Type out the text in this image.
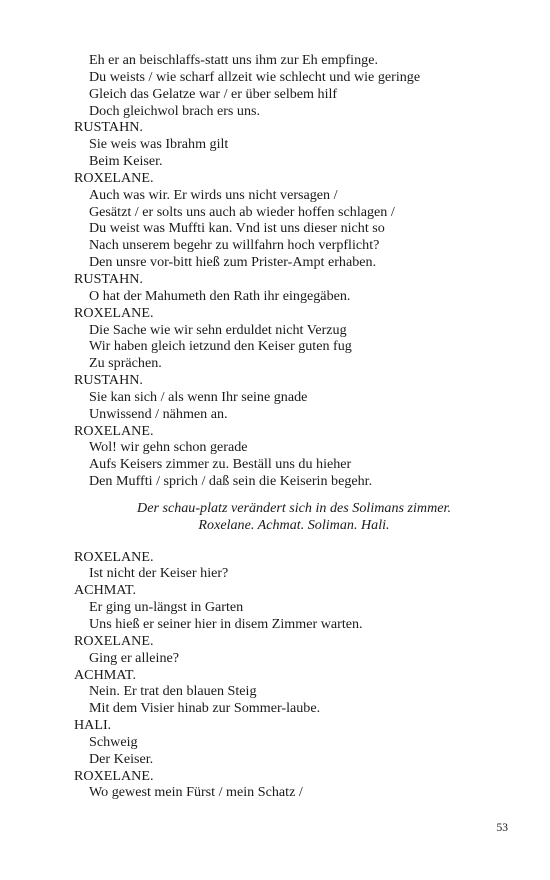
Eh er an beischlaffs-statt uns ihm zur Eh empfinge.
Du weists / wie scharf allzeit wie schlecht und wie geringe
Gleich das Gelatze war / er über selbem hilf
Doch gleichwol brach ers uns.
RUSTAHN.
Sie weis was Ibrahm gilt
Beim Keiser.
ROXELANE.
Auch was wir. Er wirds uns nicht versagen /
Gesätzt / er solts uns auch ab wieder hoffen schlagen /
Du weist was Muffti kan. Vnd ist uns dieser nicht so
Nach unserem begehr zu willfahrn hoch verpflicht?
Den unsre vor-bitt hieß zum Prister-Ampt erhaben.
RUSTAHN.
O hat der Mahumeth den Rath ihr eingegäben.
ROXELANE.
Die Sache wie wir sehn erduldet nicht Verzug
Wir haben gleich ietzund den Keiser guten fug
Zu sprächen.
RUSTAHN.
Sie kan sich / als wenn Ihr seine gnade
Unwissend / nähmen an.
ROXELANE.
Wol! wir gehn schon gerade
Aufs Keisers zimmer zu. Beställ uns du hieher
Den Muffti / sprich / daß sein die Keiserin begehr.
Der schau-platz verändert sich in des Solimans zimmer.
Roxelane. Achmat. Soliman. Hali.
ROXELANE.
Ist nicht der Keiser hier?
ACHMAT.
Er ging un-längst in Garten
Uns hieß er seiner hier in disem Zimmer warten.
ROXELANE.
Ging er alleine?
ACHMAT.
Nein. Er trat den blauen Steig
Mit dem Visier hinab zur Sommer-laube.
HALI.
Schweig
Der Keiser.
ROXELANE.
Wo gewest mein Fürst / mein Schatz /
53
